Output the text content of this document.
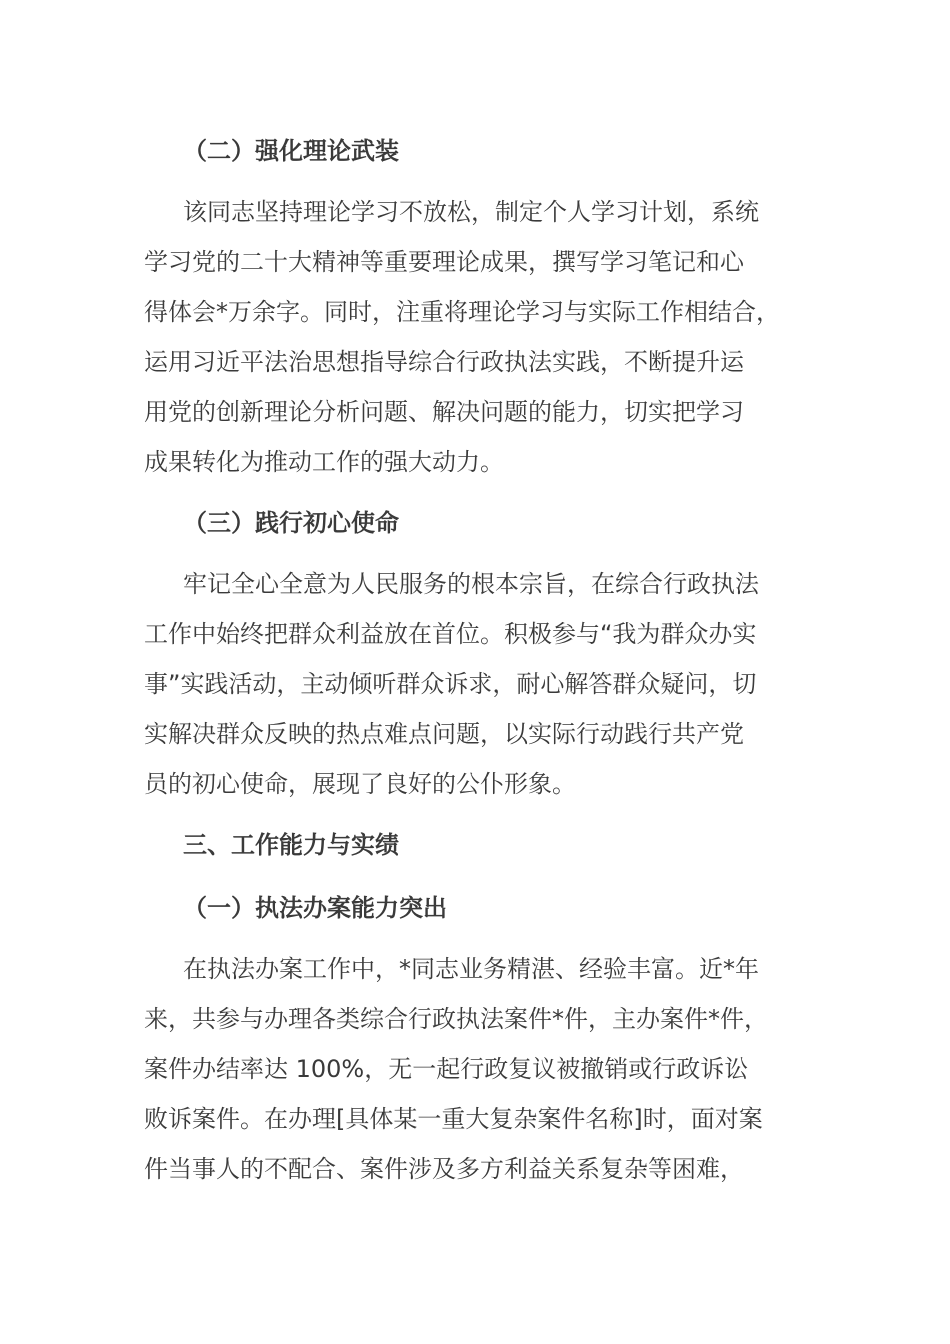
（二）强化理论武装
该同志坚持理论学习不放松，制定个人学习计划，系统
学习党的二十大精神等重要理论成果，撰写学习笔记和心
得体会*万余字。同时，注重将理论学习与实际工作相结合，
运用习近平法治思想指导综合行政执法实践，不断提升运
用党的创新理论分析问题、解决问题的能力，切实把学习
成果转化为推动工作的强大动力。
（三）践行初心使命
牢记全心全意为人民服务的根本宗旨，在综合行政执法
工作中始终把群众利益放在首位。积极参与“我为群众办实
事”实践活动，主动倾听群众诉求，耐心解答群众疑问，切
实解决群众反映的热点难点问题，以实际行动践行共产党
员的初心使命，展现了良好的公仆形象。
三、工作能力与实绩
（一）执法办案能力突出
在执法办案工作中，*同志业务精湛、经验丰富。近*年
来，共参与办理各类综合行政执法案件*件，主办案件*件，
案件办结率达 100%，无一起行政复议被撤销或行政诉讼
败诉案件。在办理[具体某一重大复杂案件名称]时，面对案
件当事人的不配合、案件涉及多方利益关系复杂等困难，
